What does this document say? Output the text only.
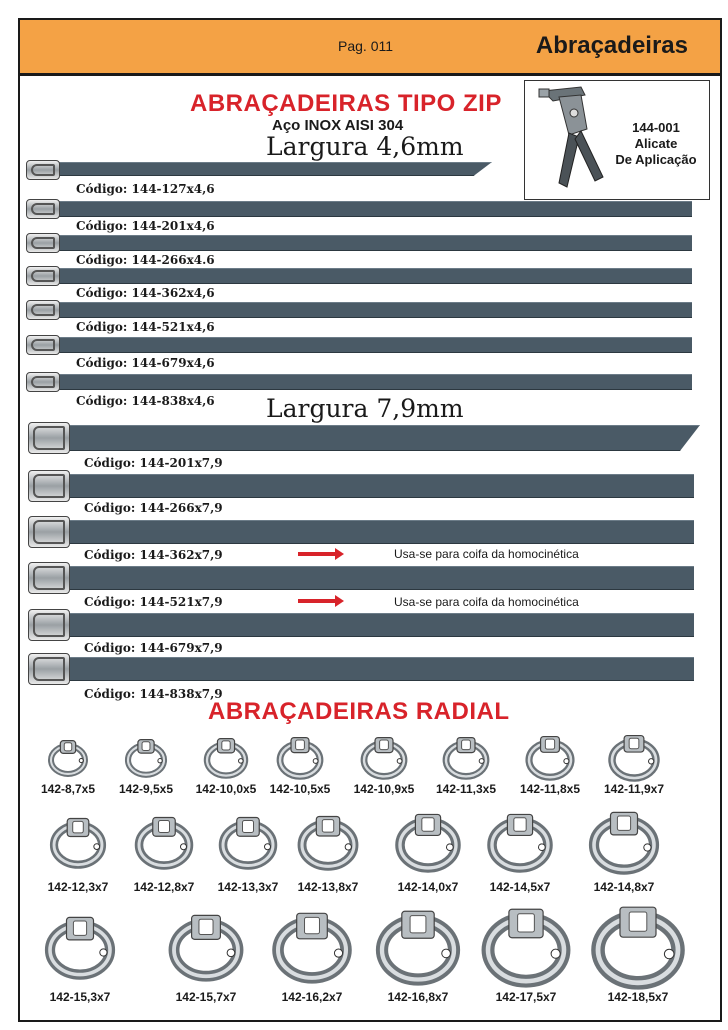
Pag. 011	Abraçadeiras
ABRAÇADEIRAS TIPO ZIP
Aço INOX AISI 304
Largura 4,6mm
144-001
Alicate
De Aplicação
Código: 144-127x4,6
Código: 144-201x4,6
Código: 144-266x4.6
Código: 144-362x4,6
Código: 144-521x4,6
Código: 144-679x4,6
Código: 144-838x4,6 Largura 7,9mm
Código: 144-201x7,9
Código: 144-266x7,9
Código: 144-362x7,9	Usa-se para coifa da homocinética
Código: 144-521x7,9	Usa-se para coifa da homocinética
Código: 144-679x7,9
Código: 144-838x7,9
ABRAÇADEIRAS RADIAL
142-8,7x5 142-9,5x5 142-10,0x5 142-10,5x5 142-10,9x5 142-11,3x5 142-11,8x5 142-11,9x7
142-12,3x7 142-12,8x7 142-13,3x7 142-13,8x7	142-14,0x7	142-14,5x7	142-14,8x7
142-15,3x7	142-15,7x7	142-16,2x7	142-16,8x7	142-17,5x7	142-18,5x7
